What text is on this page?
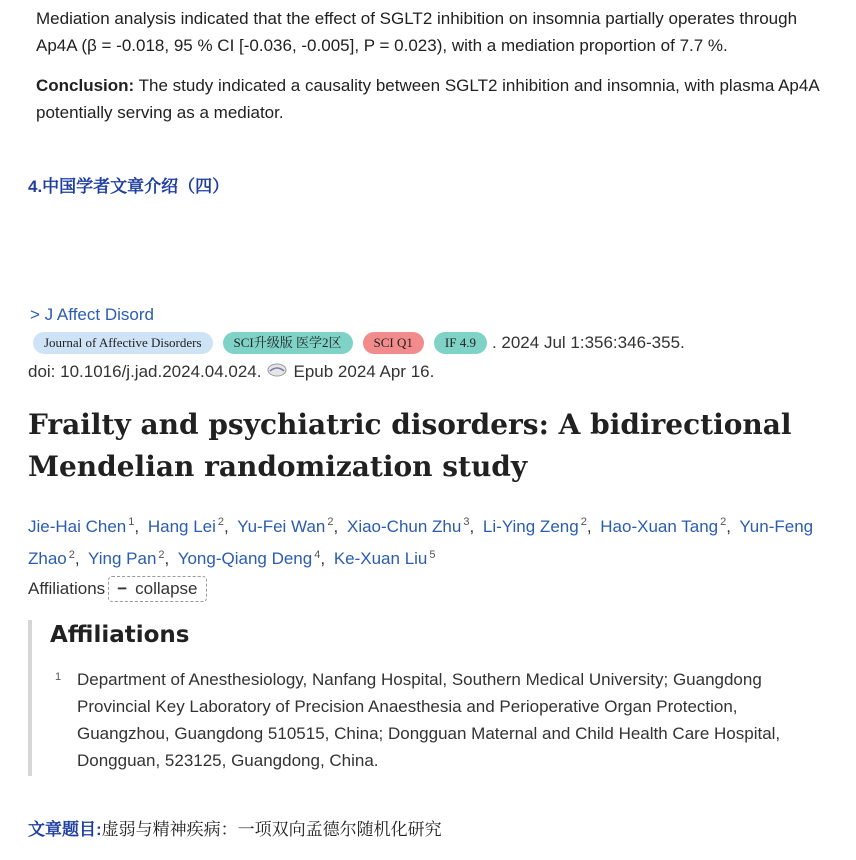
Mediation analysis indicated that the effect of SGLT2 inhibition on insomnia partially operates through Ap4A (β = -0.018, 95 % CI [-0.036, -0.005], P = 0.023), with a mediation proportion of 7.7 %.

Conclusion: The study indicated a causality between SGLT2 inhibition and insomnia, with plasma Ap4A potentially serving as a mediator.

4.中国学者文章介绍（四）
> J Affect Disord
Journal of Affective Disorders	SCI升级版 医学2区	SCI Q1	IF 4.9 . 2024 Jul 1:356:346-355.
doi: 10.1016/j.jad.2024.04.024. Epub 2024 Apr 16.
Frailty and psychiatric disorders: A bidirectional Mendelian randomization study
Jie-Hai Chen $^1$, Hang Lei $^2$, Yu-Fei Wan $^2$, Xiao-Chun Zhu $^3$, Li-Ying Zeng $^2$, Hao-Xuan Tang $^2$, Yun-Feng Zhao $^2$, Ying Pan $^2$, Yong-Qiang Deng $^4$, Ke-Xuan Liu $^5$
Affiliations − collapse
Affiliations
1 Department of Anesthesiology, Nanfang Hospital, Southern Medical University; Guangdong Provincial Key Laboratory of Precision Anaesthesia and Perioperative Organ Protection, Guangzhou, Guangdong 510515, China; Dongguan Maternal and Child Health Care Hospital, Dongguan, 523125, Guangdong, China.

文章题目:虚弱与精神疾病：一项双向孟德尔随机化研究
